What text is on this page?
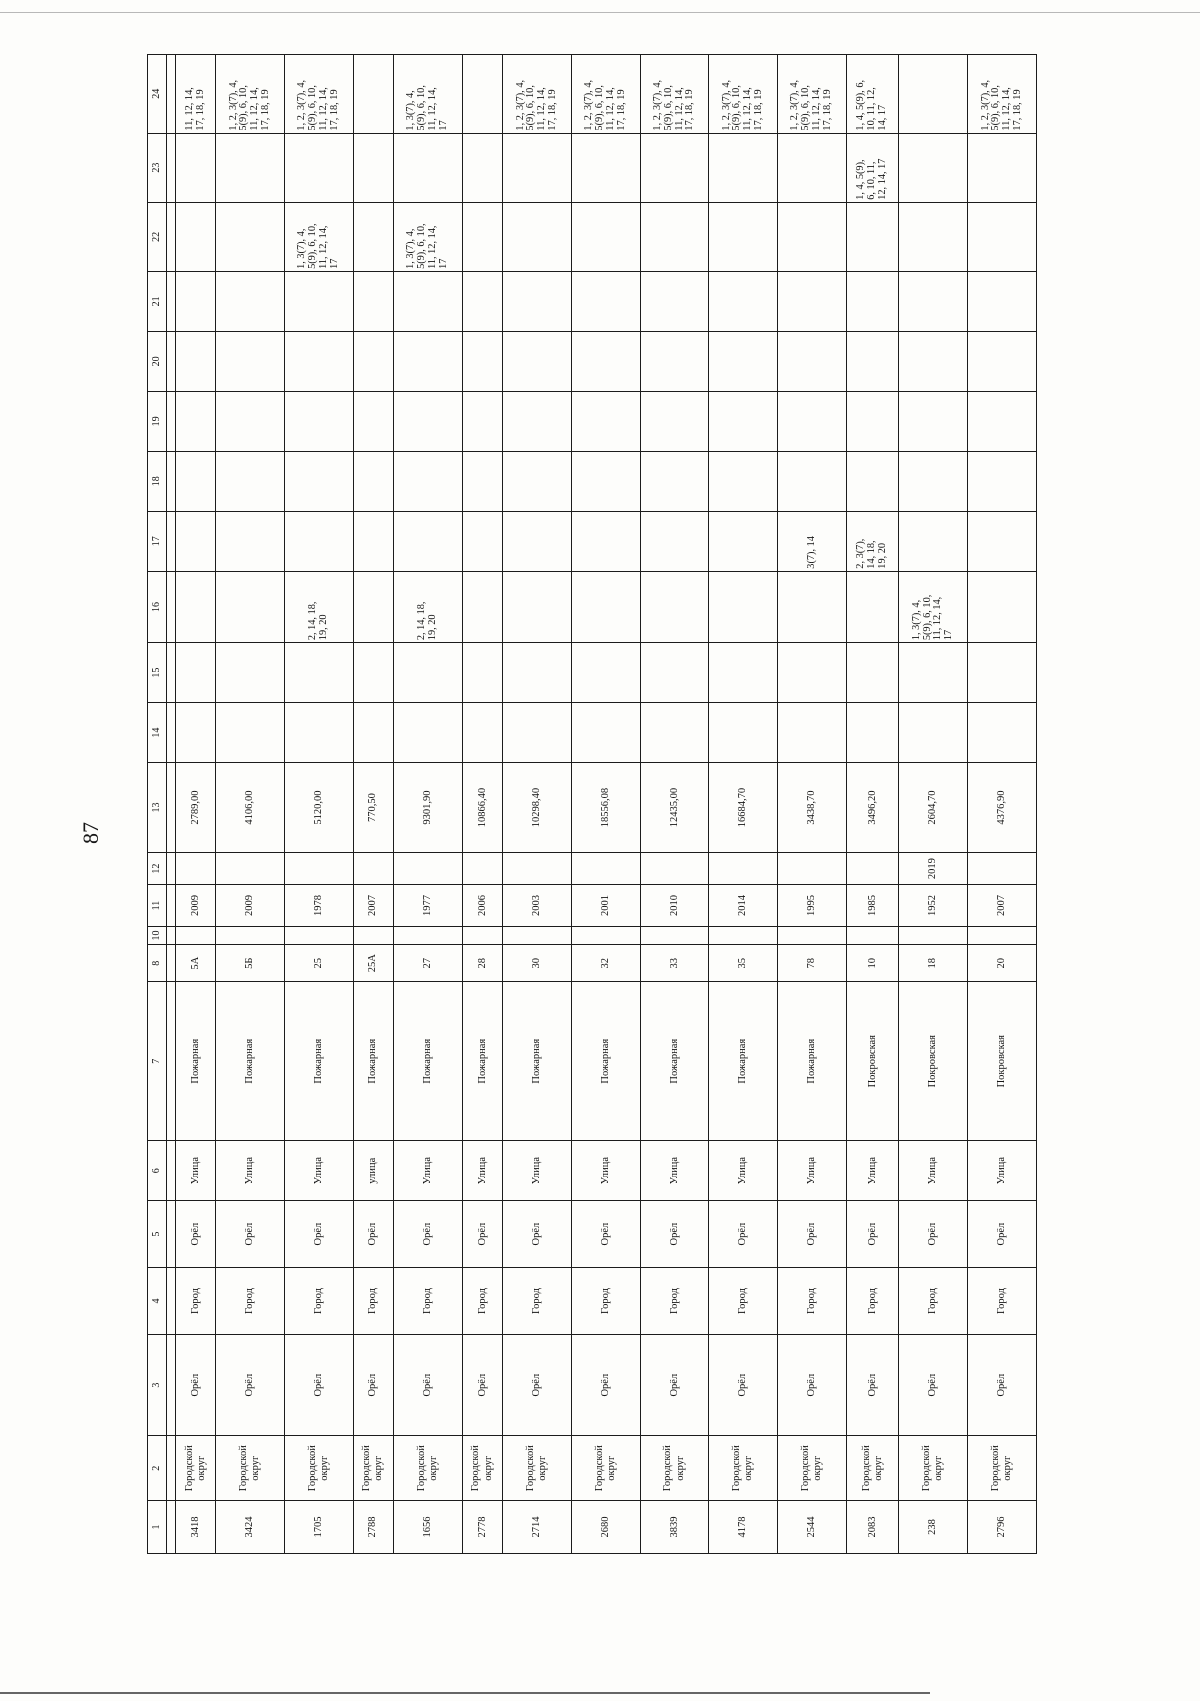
87
1	2	3	4	5	6	7	8	10	11	12	13	14	15	16	17	18	19	20	21	22	23	24

3418	Городской
округ	Орёл	Город	Орёл	Улица	Пожарная	5А		2009		2789,00											11, 12, 14,
17, 18, 19
3424	Городской
округ	Орёл	Город	Орёл	Улица	Пожарная	5Б		2009		4106,00											1, 2, 3(7), 4,
5(9), 6, 10,
11, 12, 14,
17, 18, 19
1705	Городской
округ	Орёл	Город	Орёл	Улица	Пожарная	25		1978		5120,00			2, 14, 18,
19, 20						1, 3(7), 4,
5(9), 6, 10,
11, 12, 14,
17		1, 2, 3(7), 4,
5(9), 6, 10,
11, 12, 14,
17, 18, 19
2788	Городской
округ	Орёл	Город	Орёл	улица	Пожарная	25А		2007		770,50											
1656	Городской
округ	Орёл	Город	Орёл	Улица	Пожарная	27		1977		9301,90			2, 14, 18,
19, 20						1, 3(7), 4,
5(9), 6, 10,
11, 12, 14,
17		1, 3(7), 4,
5(9), 6, 10,
11, 12, 14,
17
2778	Городской
округ	Орёл	Город	Орёл	Улица	Пожарная	28		2006		10866,40											
2714	Городской
округ	Орёл	Город	Орёл	Улица	Пожарная	30		2003		10298,40											1, 2, 3(7), 4,
5(9), 6, 10,
11, 12, 14,
17, 18, 19
2680	Городской
округ	Орёл	Город	Орёл	Улица	Пожарная	32		2001		18556,08											1, 2, 3(7), 4,
5(9), 6, 10,
11, 12, 14,
17, 18, 19
3839	Городской
округ	Орёл	Город	Орёл	Улица	Пожарная	33		2010		12435,00											1, 2, 3(7), 4,
5(9), 6, 10,
11, 12, 14,
17, 18, 19
4178	Городской
округ	Орёл	Город	Орёл	Улица	Пожарная	35		2014		16684,70											1, 2, 3(7), 4,
5(9), 6, 10,
11, 12, 14,
17, 18, 19
2544	Городской
округ	Орёл	Город	Орёл	Улица	Пожарная	78		1995		3438,70				3(7), 14							1, 2, 3(7), 4,
5(9), 6, 10,
11, 12, 14,
17, 18, 19
2083	Городской
округ	Орёл	Город	Орёл	Улица	Покровская	10		1985		3496,20				2, 3(7),
14, 18,
19, 20						1, 4, 5(9),
6, 10, 11,
12, 14, 17	1, 4, 5(9), 6,
10, 11, 12,
14, 17
238	Городской
округ	Орёл	Город	Орёл	Улица	Покровская	18		1952	2019	2604,70			1, 3(7), 4,
5(9), 6, 10,
11, 12, 14,
17								
2796	Городской
округ	Орёл	Город	Орёл	Улица	Покровская	20		2007		4376,90											1, 2, 3(7), 4,
5(9), 6, 10,
11, 12, 14,
17, 18, 19
